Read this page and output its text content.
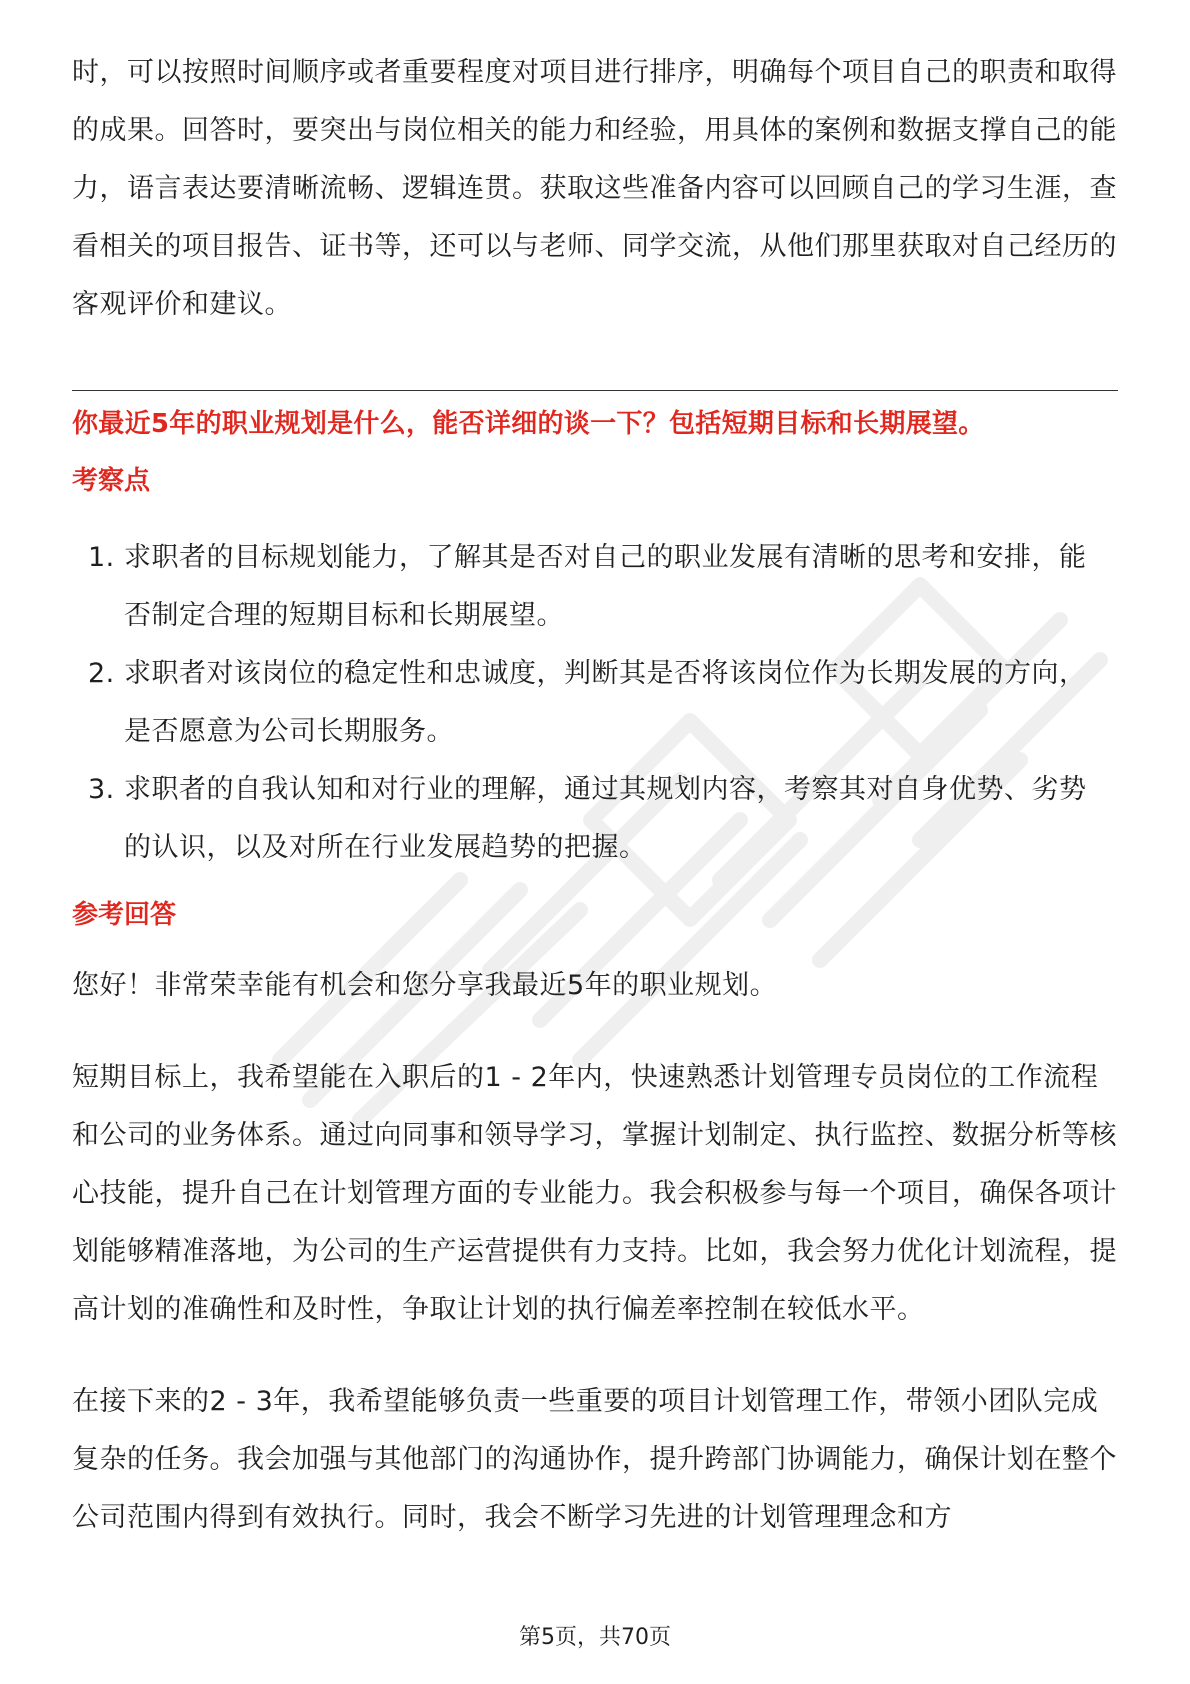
时，可以按照时间顺序或者重要程度对项目进行排序，明确每个项目自己的职责和取得的成果。回答时，要突出与岗位相关的能力和经验，用具体的案例和数据支撑自己的能力，语言表达要清晰流畅、逻辑连贯。获取这些准备内容可以回顾自己的学习生涯，查看相关的项目报告、证书等，还可以与老师、同学交流，从他们那里获取对自己经历的客观评价和建议。

你最近5年的职业规划是什么，能否详细的谈一下？包括短期目标和长期展望。

考察点

1. 求职者的目标规划能力，了解其是否对自己的职业发展有清晰的思考和安排，能否制定合理的短期目标和长期展望。
2. 求职者对该岗位的稳定性和忠诚度，判断其是否将该岗位作为长期发展的方向，是否愿意为公司长期服务。
3. 求职者的自我认知和对行业的理解，通过其规划内容，考察其对自身优势、劣势的认识，以及对所在行业发展趋势的把握。

参考回答

您好！非常荣幸能有机会和您分享我最近5年的职业规划。

短期目标上，我希望能在入职后的1 - 2年内，快速熟悉计划管理专员岗位的工作流程和公司的业务体系。通过向同事和领导学习，掌握计划制定、执行监控、数据分析等核心技能，提升自己在计划管理方面的专业能力。我会积极参与每一个项目，确保各项计划能够精准落地，为公司的生产运营提供有力支持。比如，我会努力优化计划流程，提高计划的准确性和及时性，争取让计划的执行偏差率控制在较低水平。

在接下来的2 - 3年，我希望能够负责一些重要的项目计划管理工作，带领小团队完成复杂的任务。我会加强与其他部门的沟通协作，提升跨部门协调能力，确保计划在整个公司范围内得到有效执行。同时，我会不断学习先进的计划管理理念和方

第5页，共70页
